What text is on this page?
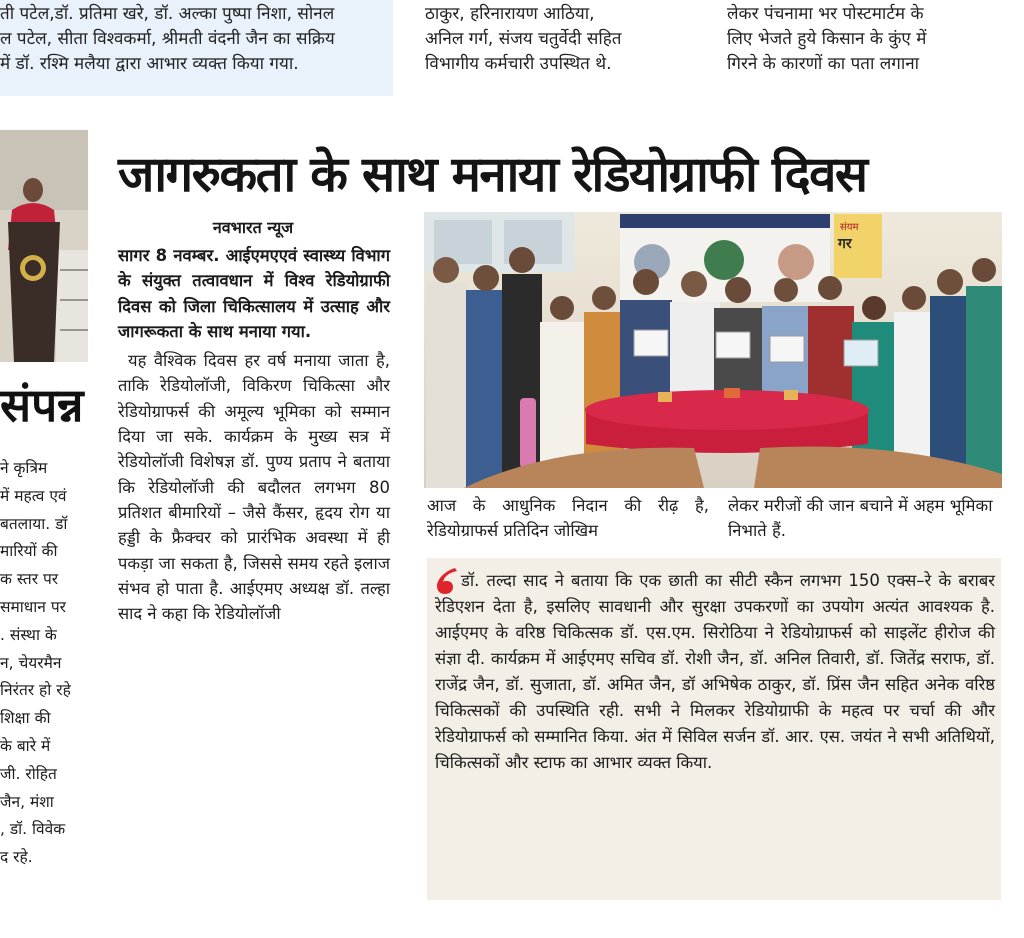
ती पटेल,डॉ. प्रतिमा खरे, डॉ. अल्का पुष्पा निशा, सोनल
ल पटेल, सीता विश्वकर्मा, श्रीमती वंदनी जैन का सक्रिय
में डॉ. रश्मि मलैया द्वारा आभार व्यक्त किया गया.
ठाकुर, हरिनारायण आठिया,
अनिल गर्ग, संजय चतुर्वेदी सहित
विभागीय कर्मचारी उपस्थित थे.
लेकर पंचनामा भर पोस्टमार्टम के
लिए भेजते हुये किसान के कुंए में
गिरने के कारणों का पता लगाना
संपन्न
ने कृत्रिम
में महत्व एवं
बतलाया. डॉ
मारियों की
क स्तर पर
समाधान पर
. संस्था के
न, चेयरमैन
निरंतर हो रहे
शिक्षा की
के बारे में
जी. रोहित
जैन, मंशा
, डॉ. विवेक
द रहे.
जागरुकता के साथ मनाया रेडियोग्राफी दिवस
नवभारत न्यूज
सागर 8 नवम्बर. आईएमएएवं स्वास्थ्य विभाग के संयुक्त तत्वावधान में विश्व रेडियोग्राफी दिवस को जिला चिकित्सालय में उत्साह और जागरूकता के साथ मनाया गया.
यह वैश्विक दिवस हर वर्ष मनाया जाता है, ताकि रेडियोलॉजी, विकिरण चिकित्सा और रेडियोग्राफर्स की अमूल्य भूमिका को सम्मान दिया जा सके. कार्यक्रम के मुख्य सत्र में रेडियोलॉजी विशेषज्ञ डॉ. पुण्य प्रताप ने बताया कि रेडियोलॉजी की बदौलत लगभग 80 प्रतिशत बीमारियों – जैसे कैंसर, हृदय रोग या हड्डी के फ्रैक्चर को प्रारंभिक अवस्था में ही पकड़ा जा सकता है, जिससे समय रहते इलाज संभव हो पाता है. आईएमए अध्यक्ष डॉ. तल्हा साद ने कहा कि रेडियोलॉजी
संयम
गर
आज के आधुनिक निदान की रीढ़ है, रेडियोग्राफर्स प्रतिदिन जोखिम
लेकर मरीजों की जान बचाने में अहम भूमिका निभाते हैं.
डॉ. तल्दा साद ने बताया कि एक छाती का सीटी स्कैन लगभग 150 एक्स–रे के बराबर रेडिएशन देता है, इसलिए सावधानी और सुरक्षा उपकरणों का उपयोग अत्यंत आवश्यक है. आईएमए के वरिष्ठ चिकित्सक डॉ. एस.एम. सिरोठिया ने रेडियोग्राफर्स को साइलेंट हीरोज की संज्ञा दी. कार्यक्रम में आईएमए सचिव डॉ. रोशी जैन, डॉ. अनिल तिवारी, डॉ. जितेंद्र सराफ, डॉ. राजेंद्र जैन, डॉ. सुजाता, डॉ. अमित जैन, डॉ अभिषेक ठाकुर, डॉ. प्रिंस जैन सहित अनेक वरिष्ठ चिकित्सकों की उपस्थिति रही. सभी ने मिलकर रेडियोग्राफी के महत्व पर चर्चा की और रेडियोग्राफर्स को सम्मानित किया. अंत में सिविल सर्जन डॉ. आर. एस. जयंत ने सभी अतिथियों, चिकित्सकों और स्टाफ का आभार व्यक्त किया.
